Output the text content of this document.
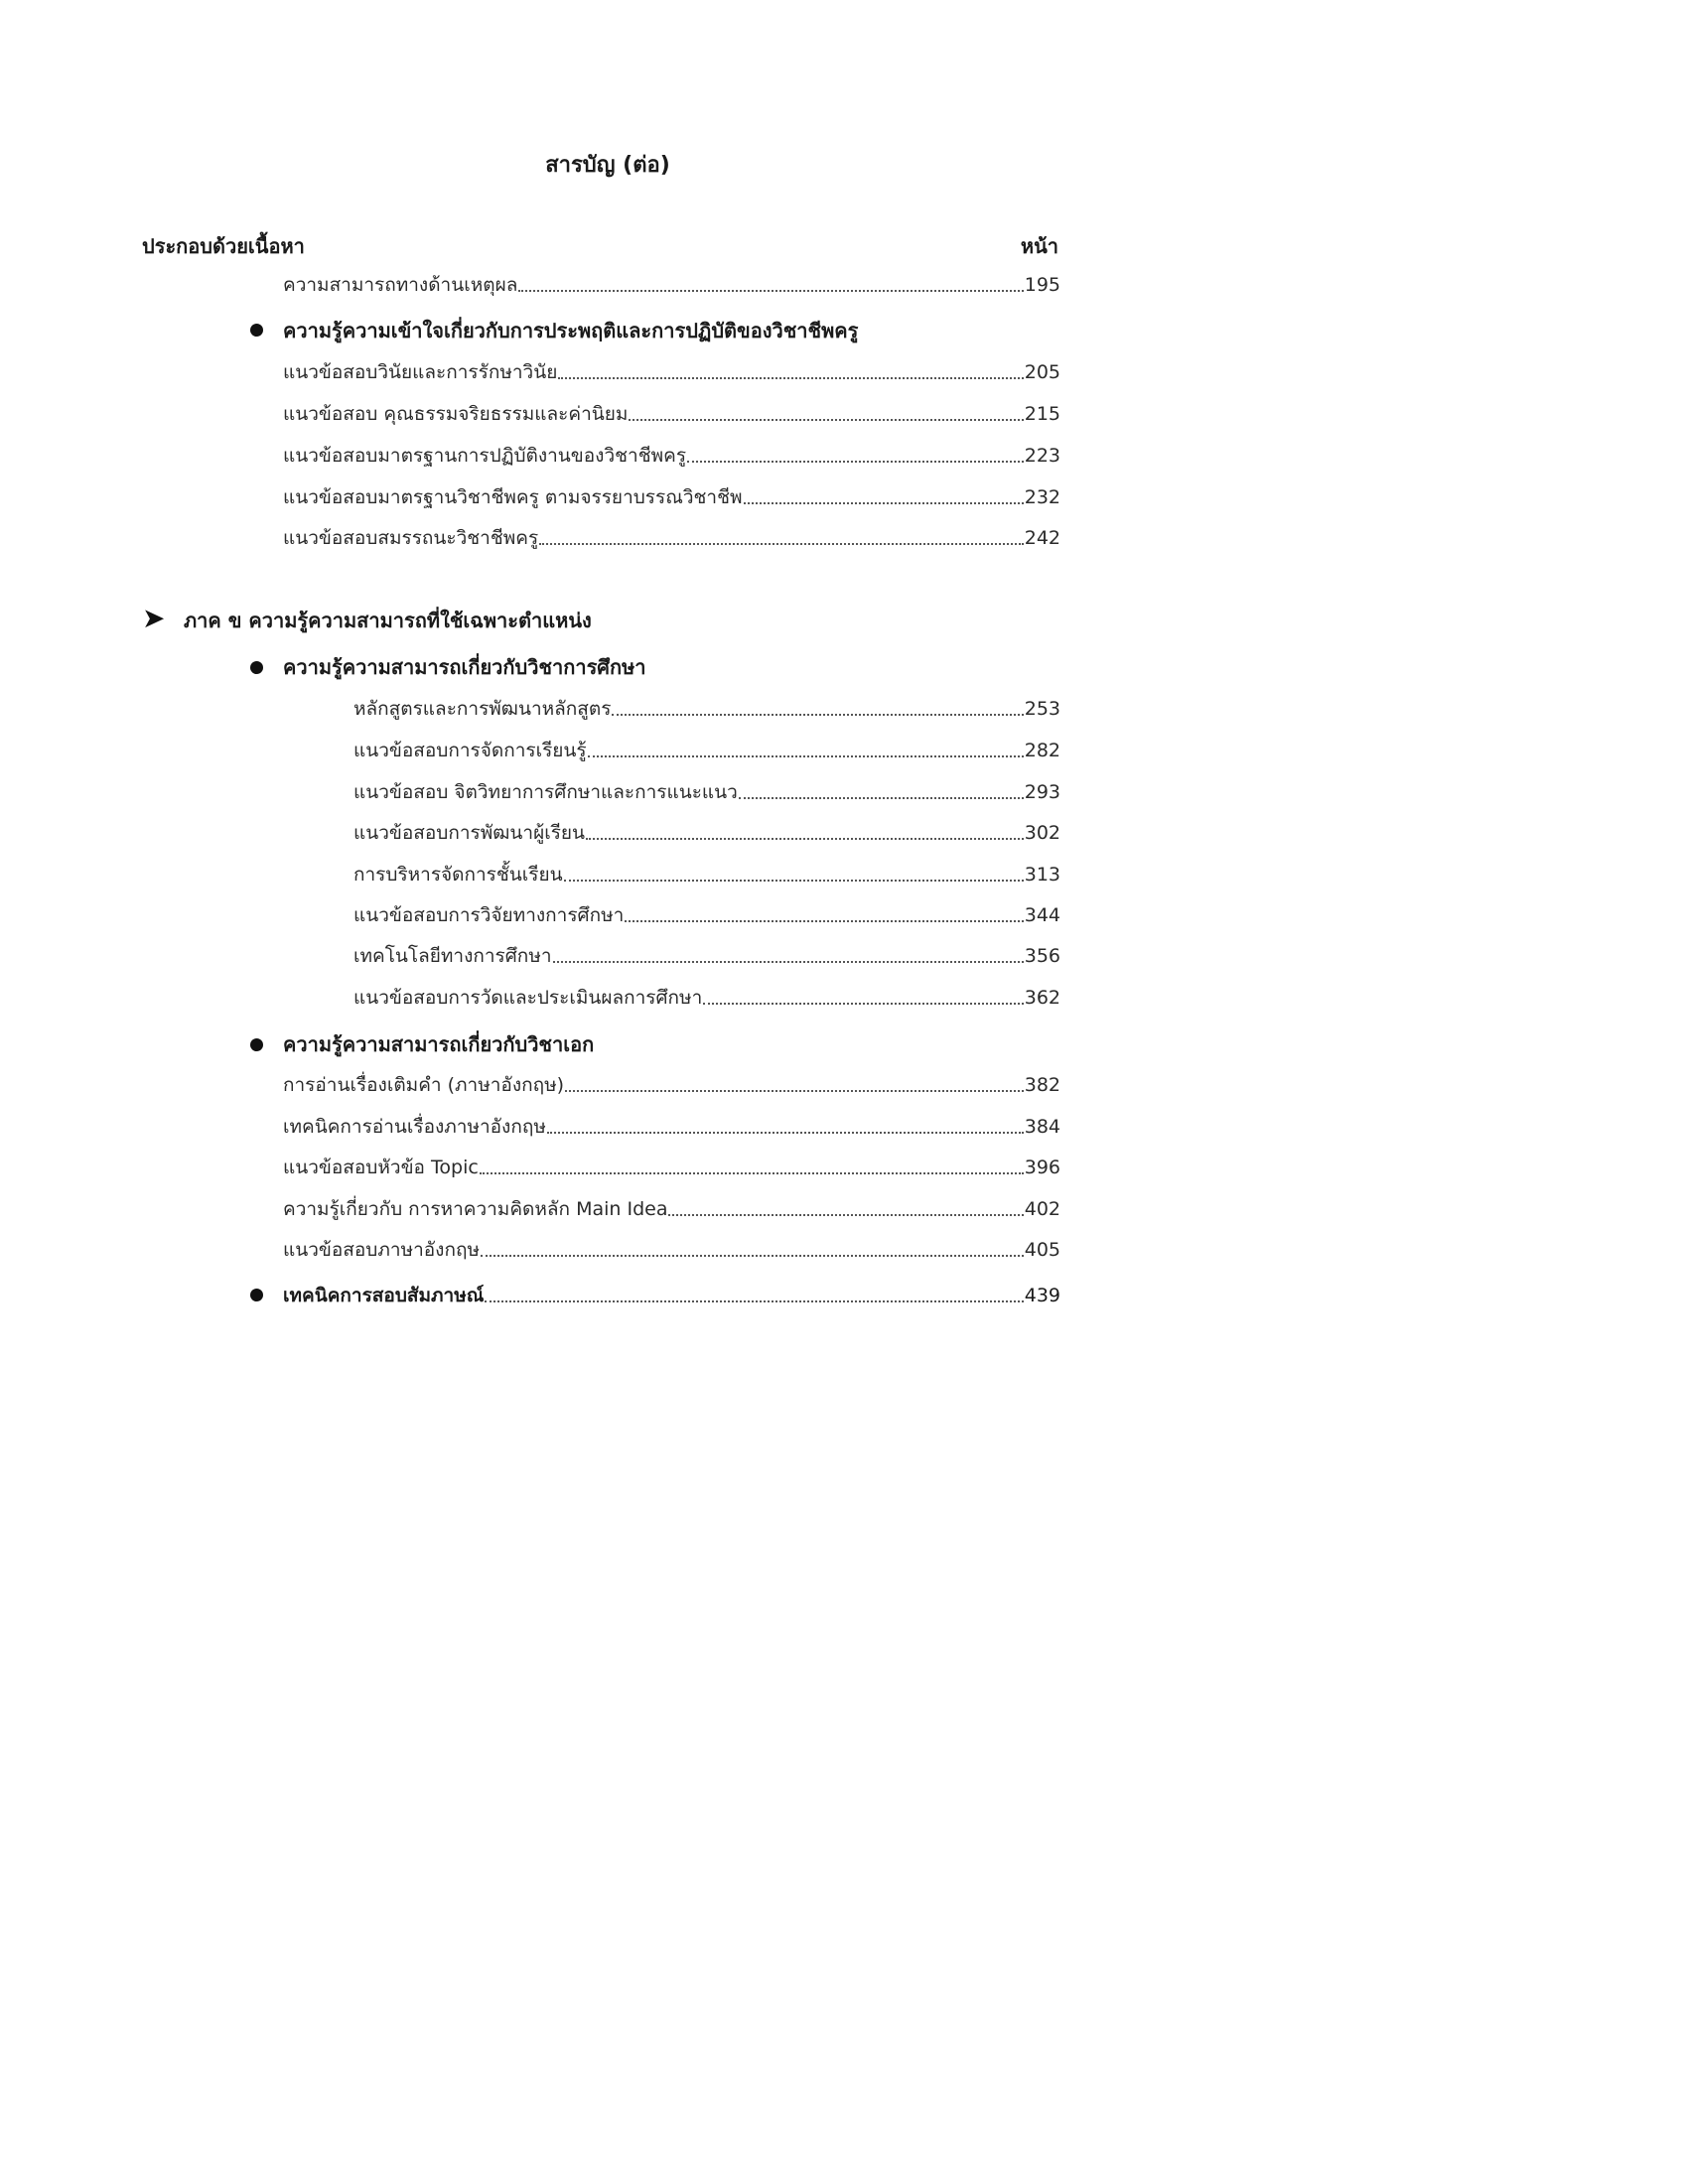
สารบัญ (ต่อ)
ประกอบด้วยเนื้อหา	หน้า
ความสามารถทางด้านเหตุผล	195
ความรู้ความเข้าใจเกี่ยวกับการประพฤติและการปฏิบัติของวิชาชีพครู
แนวข้อสอบวินัยและการรักษาวินัย	205
แนวข้อสอบ คุณธรรมจริยธรรมและค่านิยม	215
แนวข้อสอบมาตรฐานการปฏิบัติงานของวิชาชีพครู	223
แนวข้อสอบมาตรฐานวิชาชีพครู ตามจรรยาบรรณวิชาชีพ	232
แนวข้อสอบสมรรถนะวิชาชีพครู	242
➤ ภาค ข ความรู้ความสามารถที่ใช้เฉพาะตำแหน่ง
ความรู้ความสามารถเกี่ยวกับวิชาการศึกษา
หลักสูตรและการพัฒนาหลักสูตร	253
แนวข้อสอบการจัดการเรียนรู้	282
แนวข้อสอบ จิตวิทยาการศึกษาและการแนะแนว	293
แนวข้อสอบการพัฒนาผู้เรียน	302
การบริหารจัดการชั้นเรียน	313
แนวข้อสอบการวิจัยทางการศึกษา	344
เทคโนโลยีทางการศึกษา	356
แนวข้อสอบการวัดและประเมินผลการศึกษา	362
ความรู้ความสามารถเกี่ยวกับวิชาเอก
การอ่านเรื่องเติมคำ (ภาษาอังกฤษ)	382
เทคนิคการอ่านเรื่องภาษาอังกฤษ	384
แนวข้อสอบหัวข้อ Topic	396
ความรู้เกี่ยวกับ การหาความคิดหลัก Main Idea	402
แนวข้อสอบภาษาอังกฤษ	405
เทคนิคการสอบสัมภาษณ์	439
